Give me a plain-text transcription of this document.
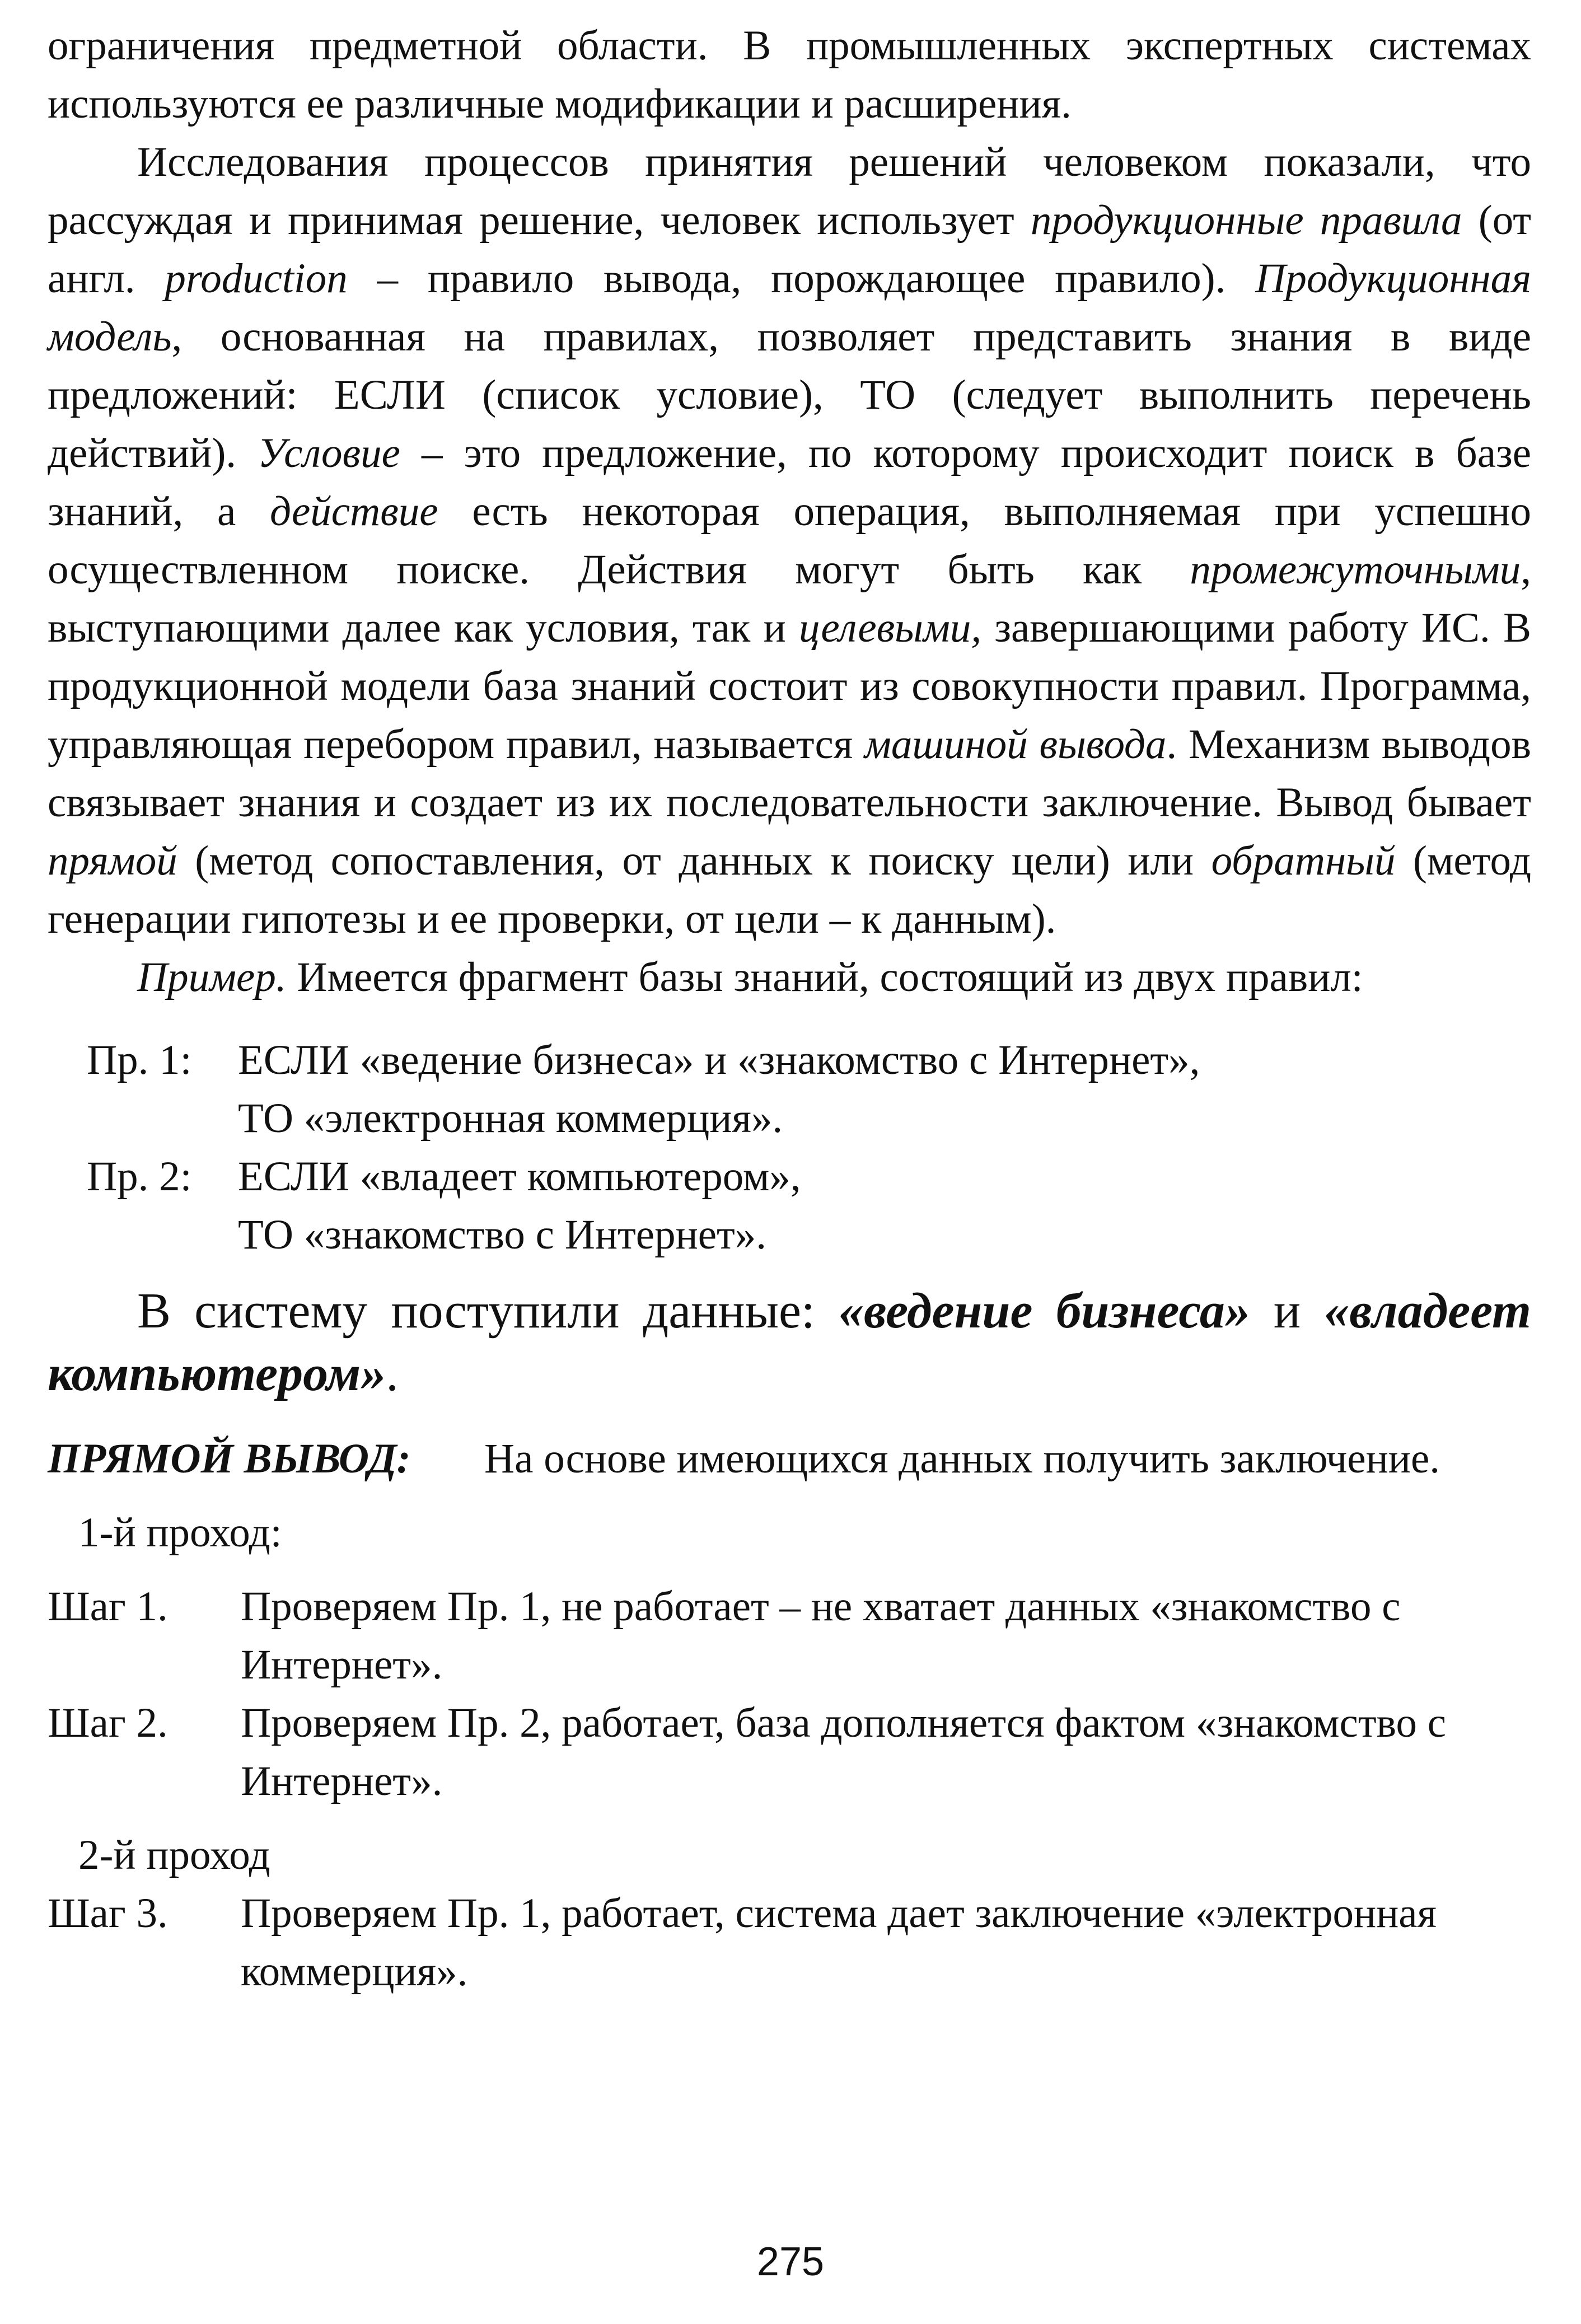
ограничения предметной области. В промышленных экспертных системах используются ее различные модификации и расширения.

Исследования процессов принятия решений человеком показали, что рассуждая и принимая решение, человек использует продукционные правила (от англ. production – правило вывода, порождающее правило). Продукционная модель, основанная на правилах, позволяет представить знания в виде предложений: ЕСЛИ (список условие), ТО (следует выполнить перечень действий). Условие – это предложение, по которому происходит поиск в базе знаний, а действие есть некоторая операция, выполняемая при успешно осуществленном поиске. Действия могут быть как промежуточными, выступающими далее как условия, так и целевыми, завершающими работу ИС. В продукционной модели база знаний состоит из совокупности правил. Программа, управляющая перебором правил, называется машиной вывода. Механизм выводов связывает знания и создает из их последовательности заключение. Вывод бывает прямой (метод сопоставления, от данных к поиску цели) или обратный (метод генерации гипотезы и ее проверки, от цели – к данным).

Пример. Имеется фрагмент базы знаний, состоящий из двух правил:

Пр. 1:	ЕСЛИ «ведение бизнеса» и «знакомство с Интернет»,
ТО «электронная коммерция».
Пр. 2:	ЕСЛИ «владеет компьютером»,
ТО «знакомство с Интернет».

В систему поступили данные: «ведение бизнеса» и «владеет компьютером».

ПРЯМОЙ ВЫВОД:	На основе имеющихся данных получить заключение.
1-й проход:
Шаг 1.	Проверяем Пр. 1, не работает – не хватает данных «знакомство с Интернет».
Шаг 2.	Проверяем Пр. 2, работает, база дополняется фактом «знакомство с Интернет».
2-й проход
Шаг 3.	Проверяем Пр. 1, работает, система дает заключение «электронная коммерция».
275
